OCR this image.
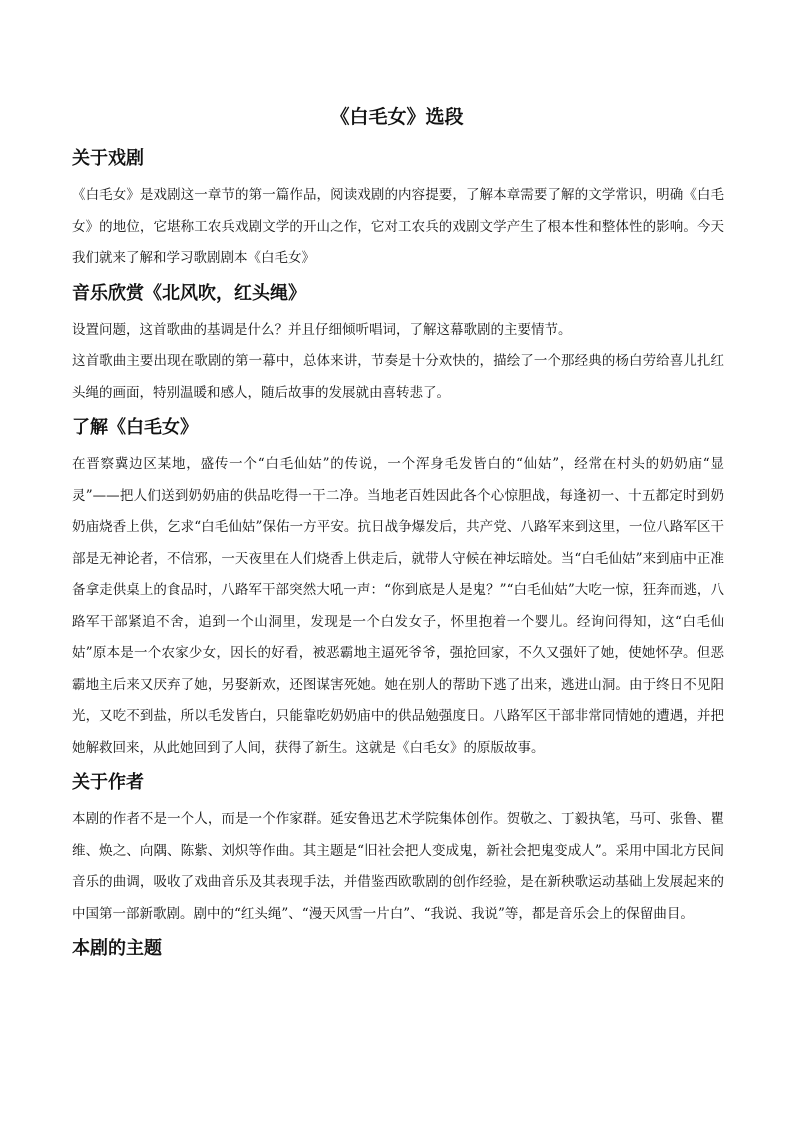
《白毛女》选段
关于戏剧

《白毛女》是戏剧这一章节的第一篇作品，阅读戏剧的内容提要，了解本章需要了解的文学常识，明确《白毛女》的地位，它堪称工农兵戏剧文学的开山之作，它对工农兵的戏剧文学产生了根本性和整体性的影响。今天我们就来了解和学习歌剧剧本《白毛女》

音乐欣赏《北风吹，红头绳》

设置问题，这首歌曲的基调是什么？并且仔细倾听唱词，了解这幕歌剧的主要情节。

这首歌曲主要出现在歌剧的第一幕中，总体来讲，节奏是十分欢快的，描绘了一个那经典的杨白劳给喜儿扎红头绳的画面，特别温暖和感人，随后故事的发展就由喜转悲了。

了解《白毛女》

在晋察冀边区某地，盛传一个“白毛仙姑”的传说，一个浑身毛发皆白的“仙姑”，经常在村头的奶奶庙“显灵”——把人们送到奶奶庙的供品吃得一干二净。当地老百姓因此各个心惊胆战，每逢初一、十五都定时到奶奶庙烧香上供，乞求“白毛仙姑”保佑一方平安。抗日战争爆发后，共产党、八路军来到这里，一位八路军区干部是无神论者，不信邪，一天夜里在人们烧香上供走后，就带人守候在神坛暗处。当“白毛仙姑”来到庙中正准备拿走供桌上的食品时，八路军干部突然大吼一声：“你到底是人是鬼？”“白毛仙姑”大吃一惊，狂奔而逃，八路军干部紧追不舍，追到一个山洞里，发现是一个白发女子，怀里抱着一个婴儿。经询问得知，这“白毛仙姑”原本是一个农家少女，因长的好看，被恶霸地主逼死爷爷，强抢回家，不久又强奸了她，使她怀孕。但恶霸地主后来又厌弃了她，另娶新欢，还图谋害死她。她在别人的帮助下逃了出来，逃进山洞。由于终日不见阳光，又吃不到盐，所以毛发皆白，只能靠吃奶奶庙中的供品勉强度日。八路军区干部非常同情她的遭遇，并把她解救回来，从此她回到了人间，获得了新生。这就是《白毛女》的原版故事。

关于作者

本剧的作者不是一个人，而是一个作家群。延安鲁迅艺术学院集体创作。贺敬之、丁毅执笔，马可、张鲁、瞿维、焕之、向隅、陈紫、刘炽等作曲。其主题是“旧社会把人变成鬼，新社会把鬼变成人”。采用中国北方民间音乐的曲调，吸收了戏曲音乐及其表现手法，并借鉴西欧歌剧的创作经验，是在新秧歌运动基础上发展起来的中国第一部新歌剧。剧中的“红头绳”、“漫天风雪一片白”、“我说、我说”等，都是音乐会上的保留曲目。

本剧的主题
